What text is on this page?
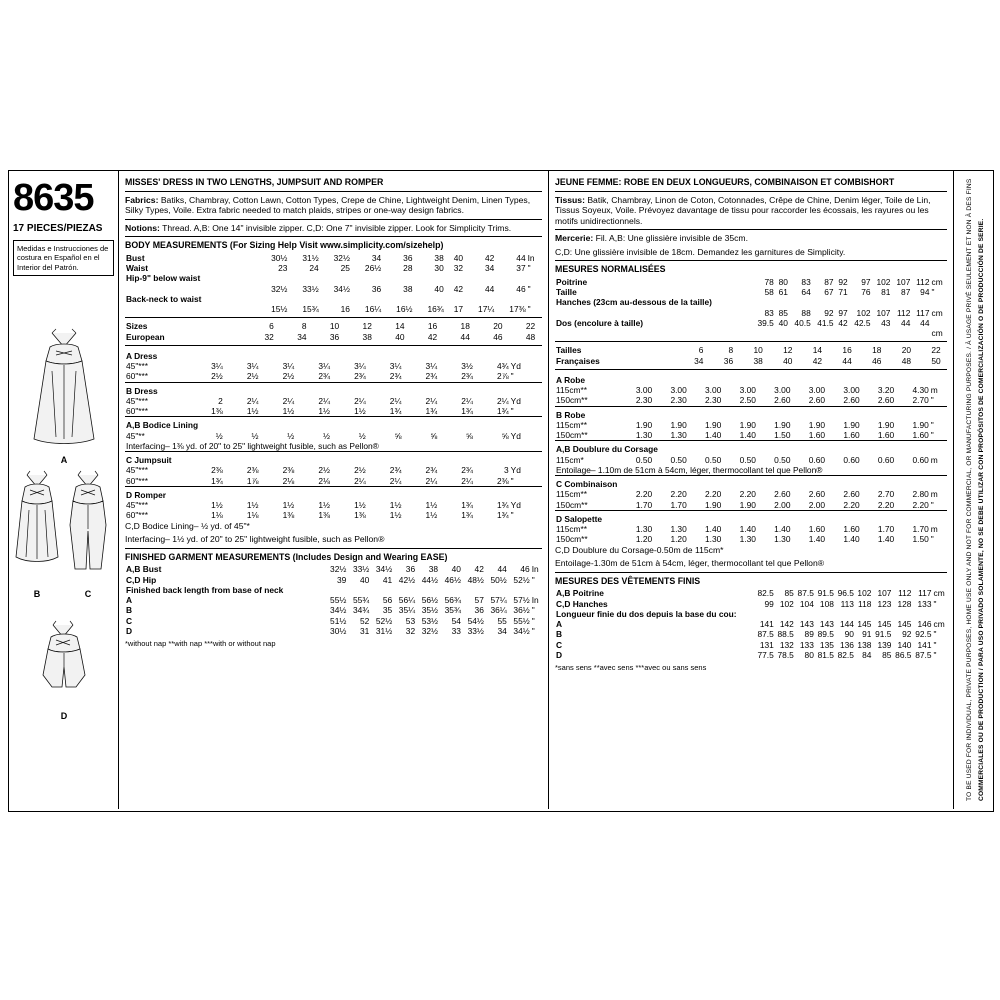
8635
17 PIECES/PIEZAS
Medidas e Instrucciones de costura en Español en el Interior del Patrón.
A
B	C
D
MISSES' DRESS IN TWO LENGTHS, JUMPSUIT AND ROMPER
Fabrics: Batiks, Chambray, Cotton Lawn, Cotton Types, Crepe de Chine, Lightweight Denim, Linen Types, Silky Types, Voile. Extra fabric needed to match plaids, stripes or one-way design fabrics.
Notions: Thread. A,B: One 14" invisible zipper. C,D: One 7" invisible zipper. Look for Simplicity Trims.
BODY MEASUREMENTS (For Sizing Help Visit www.simplicity.com/sizehelp)
Bust	30½	31½	32½	34	36	38	40	42	44	In
Waist	23	24	25	26½	28	30	32	34	37	"
Hip-9" below waist										
	32½	33½	34½	36	38	40	42	44	46	"
Back-neck to waist										
	15½	15¾	16	16¼	16½	16¾	17	17¼	17⅜	"
Sizes	6	8	10	12	14	16	18	20	22	
European	32	34	36	38	40	42	44	46	48	
A Dress										
45"***	3¼	3¼	3¼	3¼	3¼	3¼	3¼	3½	4¾	Yd
60"***	2½	2½	2½	2¾	2¾	2¾	2¾	2¾	2⅞	"

B Dress										
45"***	2	2¼	2¼	2¼	2¼	2¼	2¼	2¼	2¼	Yd
60"***	1⅜	1½	1½	1½	1½	1¾	1¾	1¾	1¾	"

A,B Bodice Lining										
45"**	½	½	½	½	½	⅝	⅝	⅝	⅝	Yd
Interfacing– 1⅜ yd. of 20" to 25" lightweight fusible, such as Pellon®										

C Jumpsuit										
45"***	2⅜	2⅜	2⅜	2½	2½	2¾	2¾	2¾	3	Yd
60"***	1¾	1⅞	2⅛	2⅛	2¼	2¼	2¼	2¼	2⅜	"

D Romper										
45"***	1½	1½	1½	1½	1½	1½	1½	1¾	1¾	Yd
60"***	1⅛	1⅛	1⅜	1⅜	1⅜	1½	1½	1¾	1¾	"
C,D Bodice Lining– ½ yd. of 45"*
Interfacing– 1½ yd. of 20" to 25" lightweight fusible, such as Pellon®
FINISHED GARMENT MEASUREMENTS (Includes Design and Wearing EASE)
A,B Bust	32½	33½	34½	36	38	40	42	44	46	In
C,D Hip	39	40	41	42½	44½	46½	48½	50½	52½	"
Finished back length from base of neck										
A	55½	55¾	56	56¼	56½	56¾	57	57¼	57½	In
B	34½	34¾	35	35¼	35½	35¾	36	36¼	36½	"
C	51½	52	52½	53	53½	54	54½	55	55½	"
D	30½	31	31½	32	32½	33	33½	34	34½	"
*without nap **with nap ***with or without nap
JEUNE FEMME: ROBE EN DEUX LONGUEURS, COMBINAISON ET COMBISHORT
Tissus: Batik, Chambray, Linon de Coton, Cotonnades, Crêpe de Chine, Denim léger, Toile de Lin, Tissus Soyeux, Voile. Prévoyez davantage de tissu pour raccorder les écossais, les rayures ou les motifs unidirectionnels.
Mercerie: Fil. A,B: Une glissière invisible de 35cm.
C,D: Une glissière invisible de 18cm. Demandez les garnitures de Simplicity.
MESURES NORMALISÉES
Poitrine	78	80	83	87	92	97	102	107	112	cm
Taille	58	61	64	67	71	76	81	87	94	"
Hanches (23cm au-dessous de la taille)										
	83	85	88	92	97	102	107	112	117	cm
Dos (encolure à taille)	39.5	40	40.5	41.5	42	42.5	43	44	44	
										cm
Tailles	6	8	10	12	14	16	18	20	22	
Françaises	34	36	38	40	42	44	46	48	50	
A Robe										
115cm**	3.00	3.00	3.00	3.00	3.00	3.00	3.00	3.20	4.30	m
150cm**	2.30	2.30	2.30	2.50	2.60	2.60	2.60	2.60	2.70	"

B Robe										
115cm**	1.90	1.90	1.90	1.90	1.90	1.90	1.90	1.90	1.90	"
150cm**	1.30	1.30	1.40	1.40	1.50	1.60	1.60	1.60	1.60	"

A,B Doublure du Corsage										
115cm*	0.50	0.50	0.50	0.50	0.50	0.60	0.60	0.60	0.60	m
Entoilage– 1.10m de 51cm à 54cm, léger, thermocollant tel que Pellon®										

C Combinaison										
115cm**	2.20	2.20	2.20	2.20	2.60	2.60	2.60	2.70	2.80	m
150cm**	1.70	1.70	1.90	1.90	2.00	2.00	2.20	2.20	2.20	"

D Salopette										
115cm**	1.30	1.30	1.40	1.40	1.40	1.60	1.60	1.70	1.70	m
150cm**	1.20	1.20	1.30	1.30	1.30	1.40	1.40	1.40	1.50	"
C,D Doublure du Corsage-0.50m de 115cm*
Entoilage-1.30m de 51cm à 54cm, léger, thermocollant tel que Pellon®
MESURES DES VÊTEMENTS FINIS
A,B Poitrine	82.5	85	87.5	91.5	96.5	102	107	112	117	cm
C,D Hanches	99	102	104	108	113	118	123	128	133	"
Longueur finie du dos depuis la base du cou:										
A	141	142	143	143	144	145	145	145	146	cm
B	87.5	88.5	89	89.5	90	91	91.5	92	92.5	"
C	131	132	133	135	136	138	139	140	141	"
D	77.5	78.5	80	81.5	82.5	84	85	86.5	87.5	"
*sans sens **avec sens ***avec ou sans sens	TO BE USED FOR INDIVIDUAL, PRIVATE PURPOSES, HOME USE ONLY AND NOT FOR COMMERCIAL, OR MANUFACTURING PURPOSES. / À USAGE PRIVÉ SEULEMENT ET NON À DES FINS COMMERCIALES OU DE PRODUCTION / PARA USO PRIVADO SOLAMENTE, NO SE DEBE UTILIZAR CON PROPÓSITOS DE COMERCIALIZACIÓN O DE PRODUCCIÓN DE SERIE.
